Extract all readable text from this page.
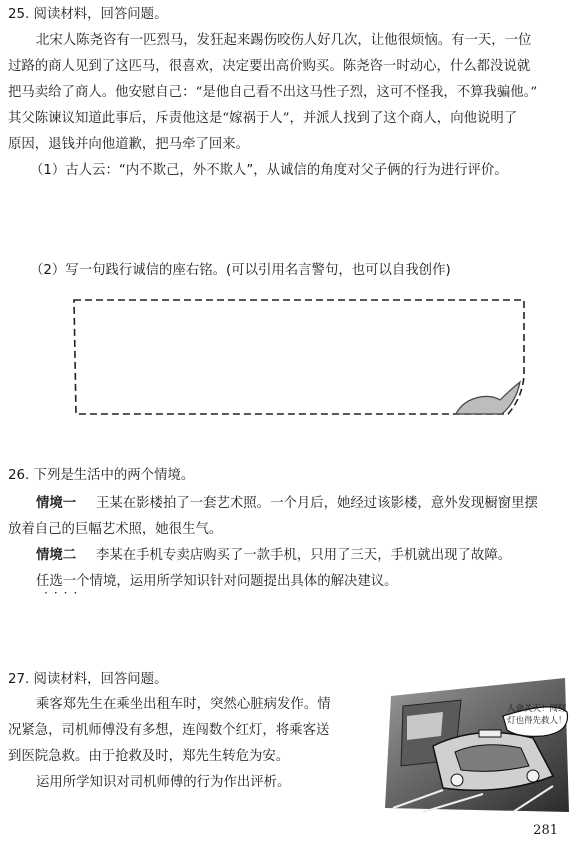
25. 阅读材料，回答问题。
北宋人陈尧咨有一匹烈马，发狂起来踢伤咬伤人好几次，让他很烦恼。有一天，一位
过路的商人见到了这匹马，很喜欢，决定要出高价购买。陈尧咨一时动心，什么都没说就
把马卖给了商人。他安慰自己：“是他自己看不出这马性子烈，这可不怪我，不算我骗他。”
其父陈谏议知道此事后，斥责他这是“嫁祸于人”，并派人找到了这个商人，向他说明了
原因，退钱并向他道歉，把马牵了回来。
（1）古人云：“内不欺己，外不欺人”，从诚信的角度对父子俩的行为进行评价。
（2）写一句践行诚信的座右铭。(可以引用名言警句，也可以自我创作)
26. 下列是生活中的两个情境。
情境一 王某在影楼拍了一套艺术照。一个月后，她经过该影楼，意外发现橱窗里摆
放着自己的巨幅艺术照，她很生气。
情境二 李某在手机专卖店购买了一款手机，只用了三天，手机就出现了故障。
任选一个情境，运用所学知识针对问题提出具体的解决建议。
····
27. 阅读材料，回答问题。
乘客郑先生在乘坐出租车时，突然心脏病发作。情
况紧急，司机师傅没有多想，连闯数个红灯，将乘客送
到医院急救。由于抢救及时，郑先生转危为安。
运用所学知识对司机师傅的行为作出评析。
人命关天！闯红
灯也得先救人！
281
